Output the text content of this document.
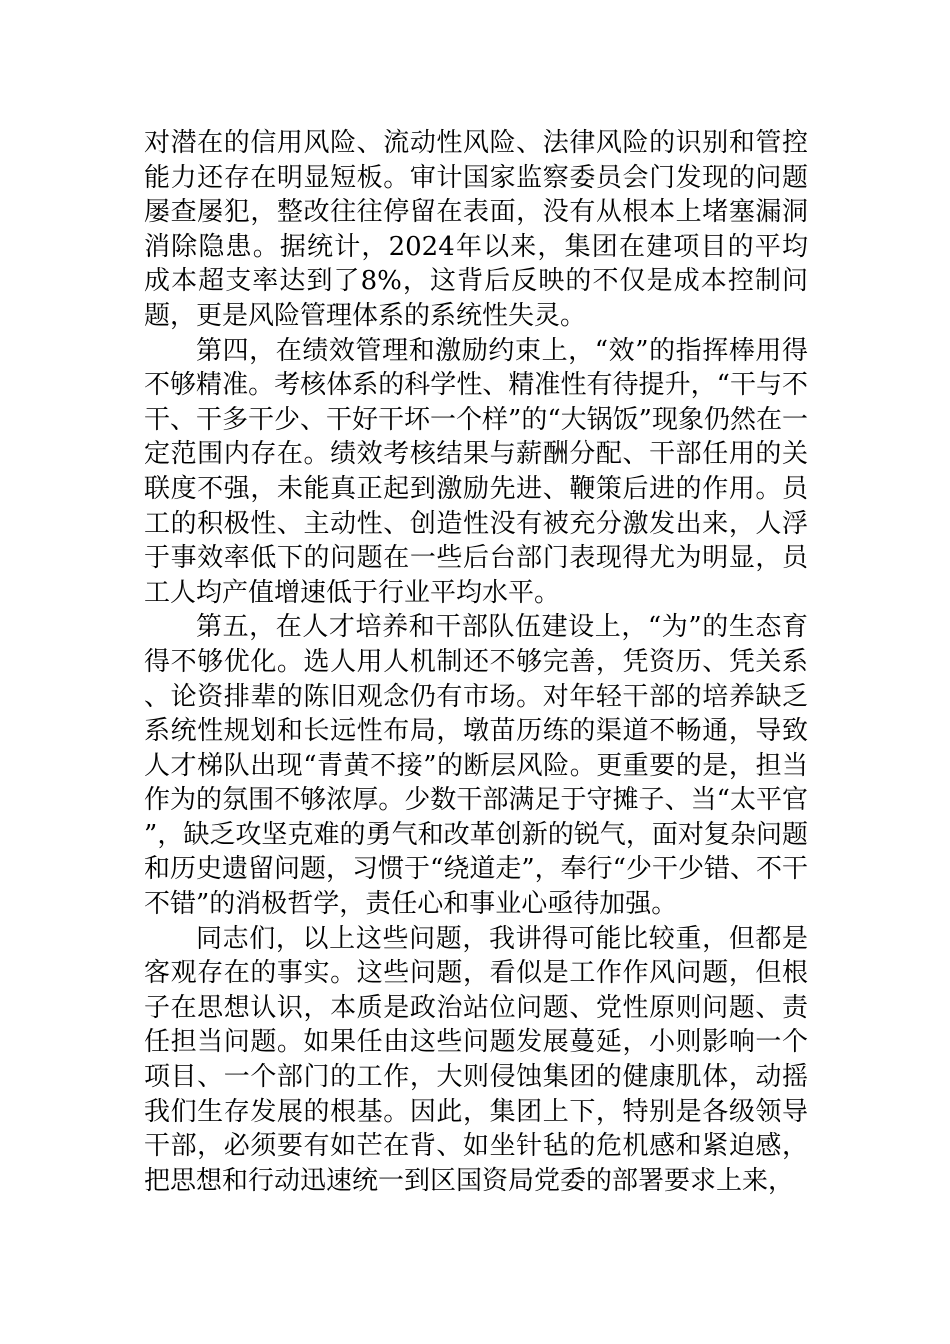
对潜在的信用风险、流动性风险、法律风险的识别和管控能力还存在明显短板。审计国家监察委员会门发现的问题屡查屡犯，整改往往停留在表面，没有从根本上堵塞漏洞消除隐患。据统计，2024年以来，集团在建项目的平均成本超支率达到了8%，这背后反映的不仅是成本控制问题，更是风险管理体系的系统性失灵。

第四，在绩效管理和激励约束上，“效”的指挥棒用得不够精准。考核体系的科学性、精准性有待提升，“干与不干、干多干少、干好干坏一个样”的“大锅饭”现象仍然在一定范围内存在。绩效考核结果与薪酬分配、干部任用的关联度不强，未能真正起到激励先进、鞭策后进的作用。员工的积极性、主动性、创造性没有被充分激发出来，人浮于事效率低下的问题在一些后台部门表现得尤为明显，员工人均产值增速低于行业平均水平。

第五，在人才培养和干部队伍建设上，“为”的生态育得不够优化。选人用人机制还不够完善，凭资历、凭关系、论资排辈的陈旧观念仍有市场。对年轻干部的培养缺乏系统性规划和长远性布局，墩苗历练的渠道不畅通，导致人才梯队出现“青黄不接”的断层风险。更重要的是，担当作为的氛围不够浓厚。少数干部满足于守摊子、当“太平官”，缺乏攻坚克难的勇气和改革创新的锐气，面对复杂问题和历史遗留问题，习惯于“绕道走”，奉行“少干少错、不干不错”的消极哲学，责任心和事业心亟待加强。

同志们，以上这些问题，我讲得可能比较重，但都是客观存在的事实。这些问题，看似是工作作风问题，但根子在思想认识，本质是政治站位问题、党性原则问题、责任担当问题。如果任由这些问题发展蔓延，小则影响一个项目、一个部门的工作，大则侵蚀集团的健康肌体，动摇我们生存发展的根基。因此，集团上下，特别是各级领导干部，必须要有如芒在背、如坐针毡的危机感和紧迫感，把思想和行动迅速统一到区国资局党委的部署要求上来，
